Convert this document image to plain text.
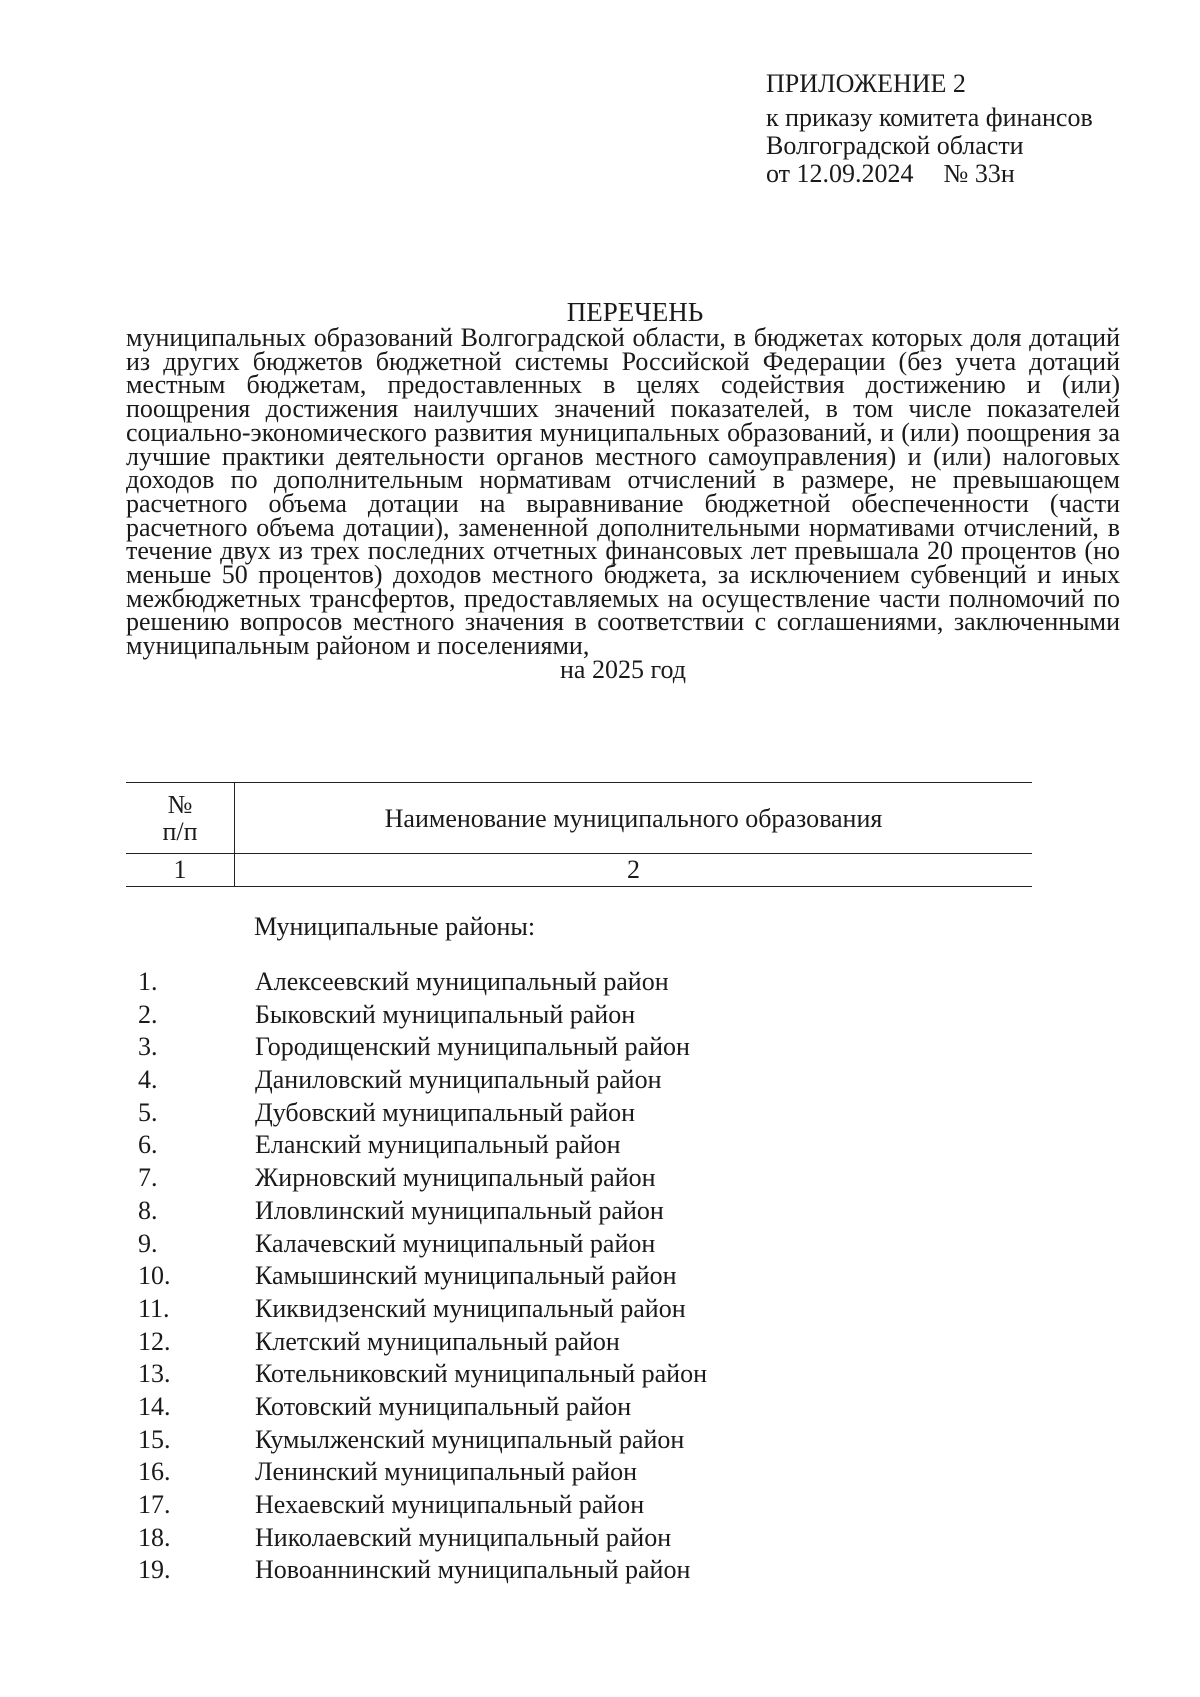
ПРИЛОЖЕНИЕ 2
к приказу комитета финансов
Волгоградской области
от 12.09.2024 № 33н
ПЕРЕЧЕНЬ
муниципальных образований Волгоградской области, в бюджетах которых доля дотаций из других бюджетов бюджетной системы Российской Федерации (без учета дотаций местным бюджетам, предоставленных в целях содействия достижению и (или) поощрения достижения наилучших значений показателей, в том числе показателей социально-экономического развития муниципальных образований, и (или) поощрения за лучшие практики деятельности органов местного самоуправления) и (или) налоговых доходов по дополнительным нормативам отчислений в размере, не превышающем расчетного объема дотации на выравнивание бюджетной обеспеченности (части расчетного объема дотации), замененной дополнительными нормативами отчислений, в течение двух из трех последних отчетных финансовых лет превышала 20 процентов (но меньше 50 процентов) доходов местного бюджета, за исключением субвенций и иных межбюджетных трансфертов, предоставляемых на осуществление части полномочий по решению вопросов местного значения в соответствии с соглашениями, заключенными муниципальным районом и поселениями,
на 2025 год
№
п/п	Наименование муниципального образования
1	2
Муниципальные районы:
1.	Алексеевский муниципальный район
2.	Быковский муниципальный район
3.	Городищенский муниципальный район
4.	Даниловский муниципальный район
5.	Дубовский муниципальный район
6.	Еланский муниципальный район
7.	Жирновский муниципальный район
8.	Иловлинский муниципальный район
9.	Калачевский муниципальный район
10.	Камышинский муниципальный район
11.	Киквидзенский муниципальный район
12.	Клетский муниципальный район
13.	Котельниковский муниципальный район
14.	Котовский муниципальный район
15.	Кумылженский муниципальный район
16.	Ленинский муниципальный район
17.	Нехаевский муниципальный район
18.	Николаевский муниципальный район
19.	Новоаннинский муниципальный район
